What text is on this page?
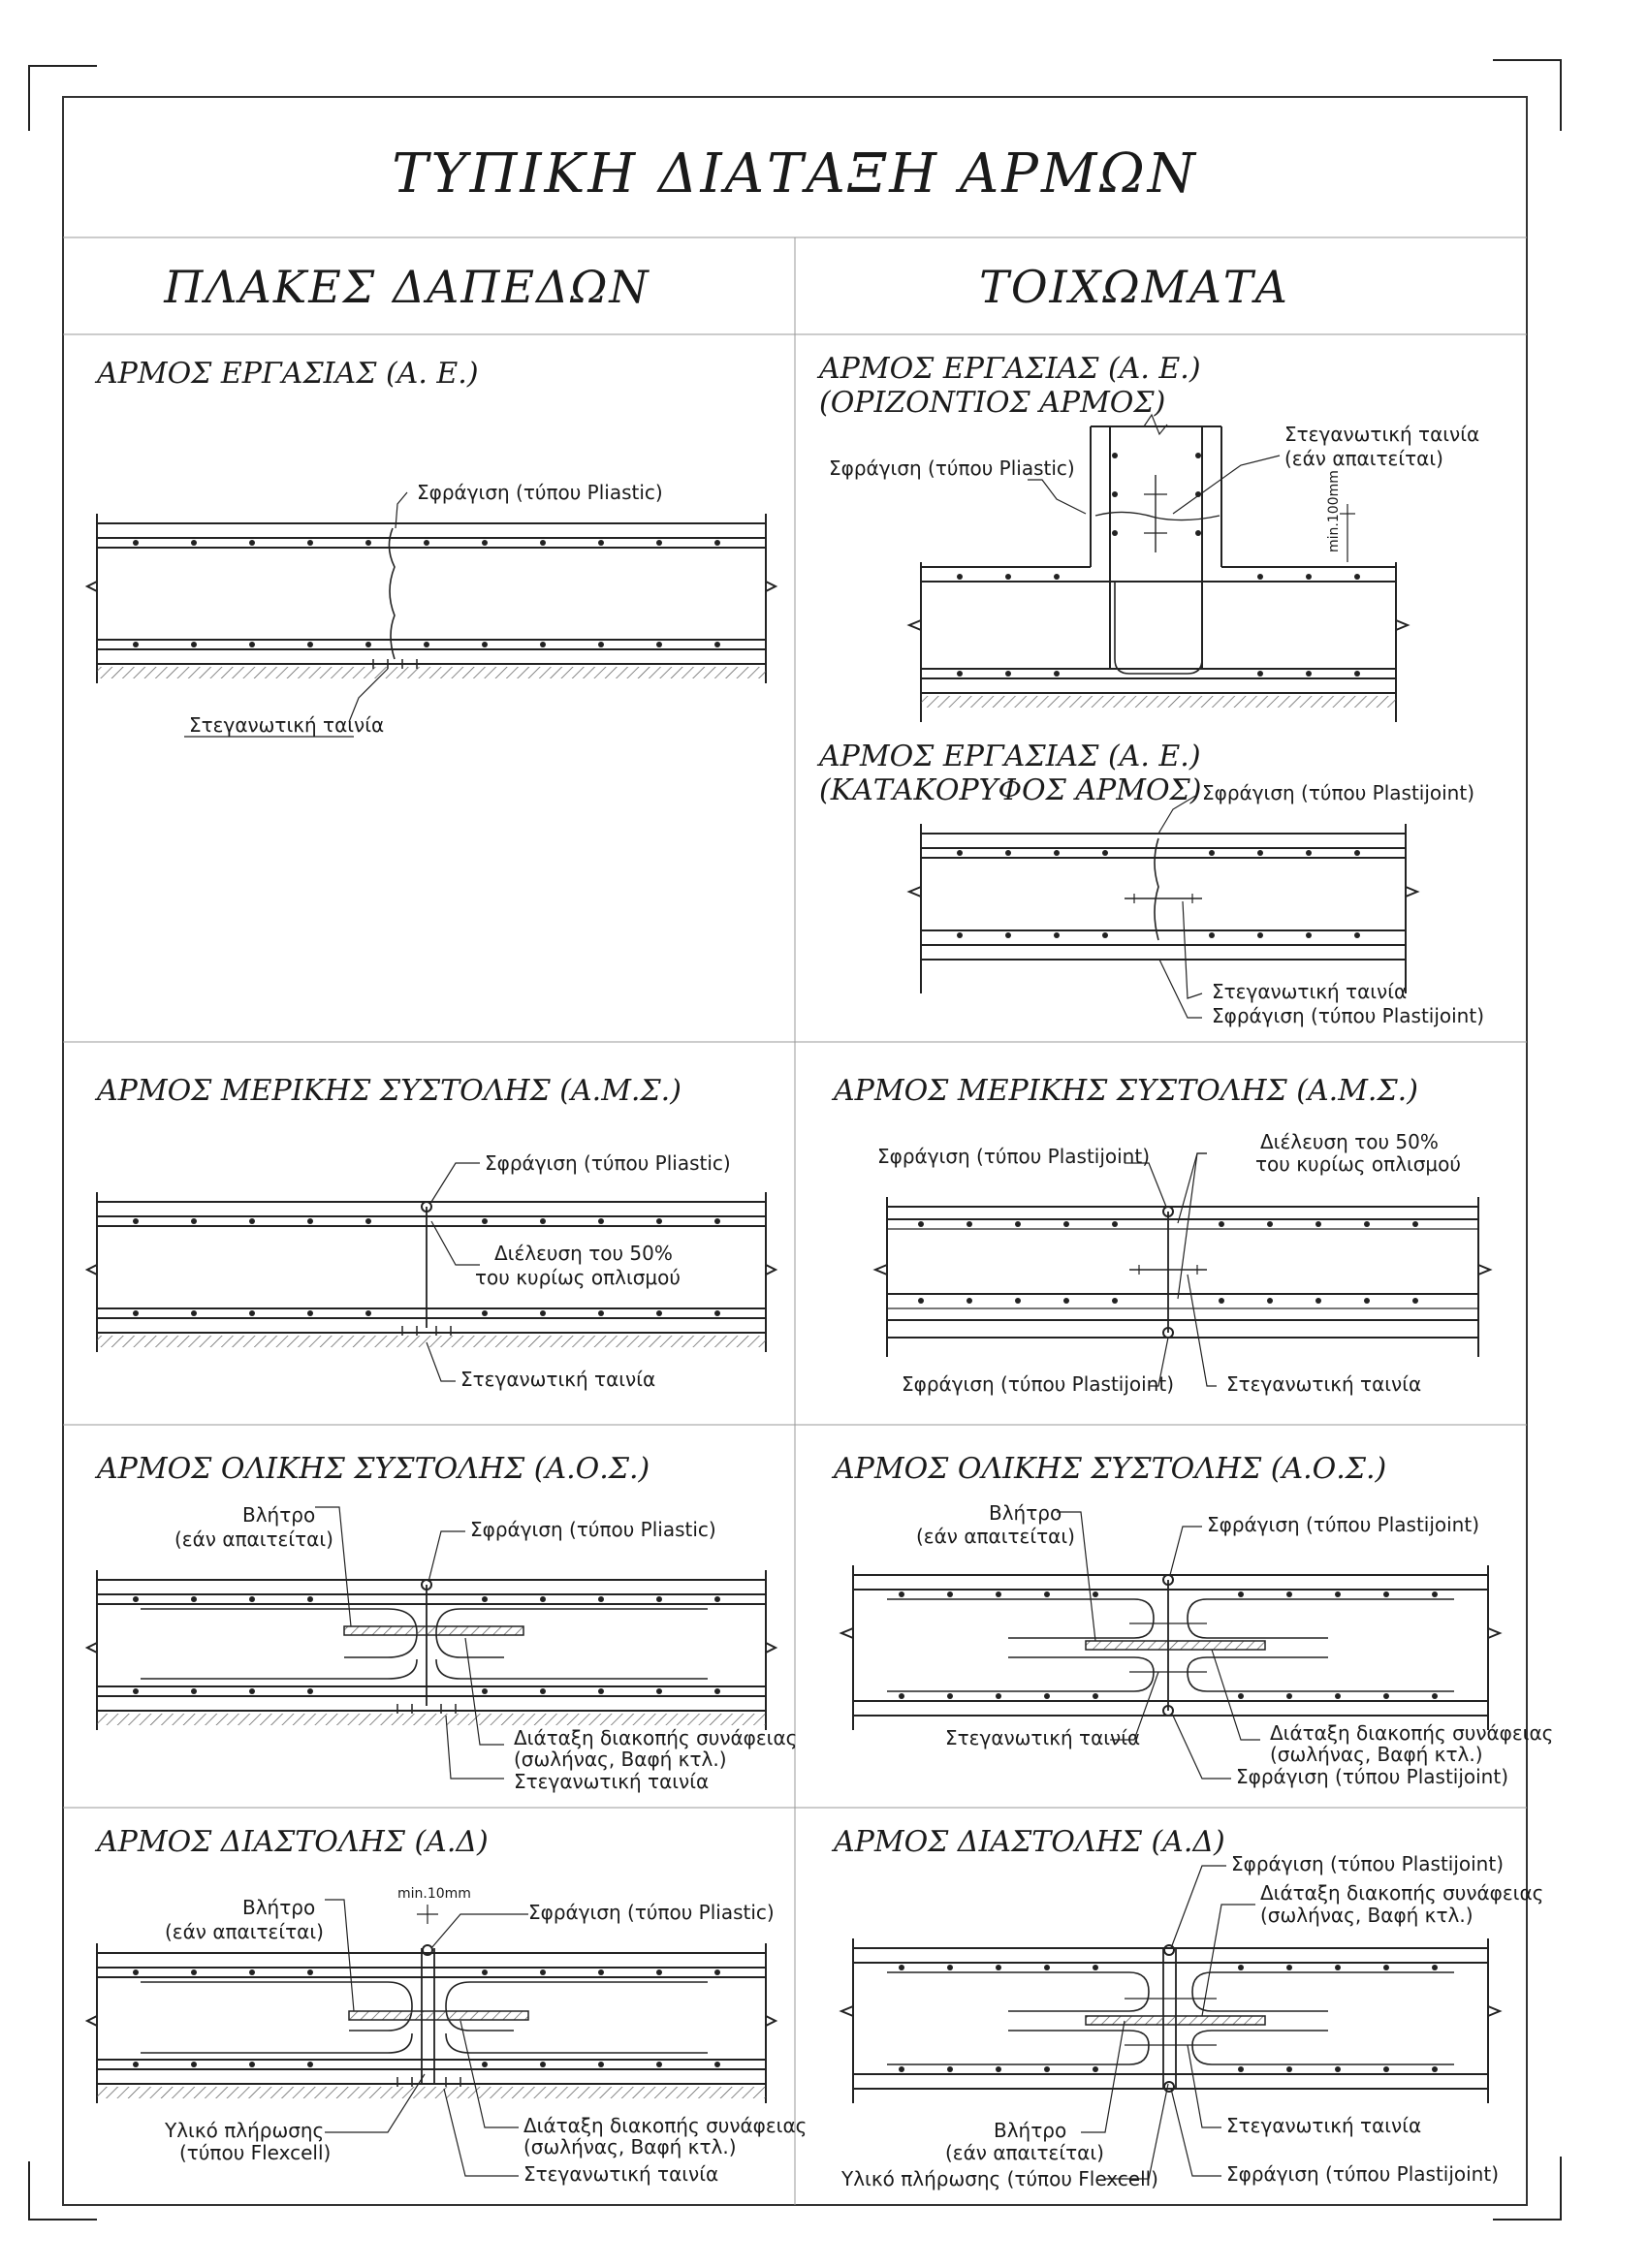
ΤΥΠΙΚΗ ΔΙΑΤΑΞΗ ΑΡΜΩΝ
ΠΛΑΚΕΣ ΔΑΠΕΔΩΝ	ΤΟΙΧΩΜΑΤΑ
ΑΡΜΟΣ ΕΡΓΑΣΙΑΣ (Α. Ε.)	ΑΡΜΟΣ ΕΡΓΑΣΙΑΣ (Α. Ε.)
(ΟΡΙΖΟΝΤΙΟΣ ΑΡΜΟΣ)
ΑΡΜΟΣ ΕΡΓΑΣΙΑΣ (Α. Ε.)
(ΚΑΤΑΚΟΡΥΦΟΣ ΑΡΜΟΣ)
ΑΡΜΟΣ ΜΕΡΙΚΗΣ ΣΥΣΤΟΛΗΣ (Α.Μ.Σ.)	ΑΡΜΟΣ ΜΕΡΙΚΗΣ ΣΥΣΤΟΛΗΣ (Α.Μ.Σ.)
ΑΡΜΟΣ ΟΛΙΚΗΣ ΣΥΣΤΟΛΗΣ (Α.Ο.Σ.)	ΑΡΜΟΣ ΟΛΙΚΗΣ ΣΥΣΤΟΛΗΣ (Α.Ο.Σ.)
ΑΡΜΟΣ ΔΙΑΣΤΟΛΗΣ (Α.Δ)	ΑΡΜΟΣ ΔΙΑΣΤΟΛΗΣ (Α.Δ)
Σφράγιση (τύπου Pliastic)
Στεγανωτική ταινία
Σφράγιση (τύπου Pliastic)
Στεγανωτική ταινία
(εάν απαιτείται)
min.100mm
Σφράγιση (τύπου Plastijoint)
Στεγανωτική ταινία
Σφράγιση (τύπου Plastijoint)
Σφράγιση (τύπου Pliastic)
Διέλευση του 50%
του κυρίως οπλισμού
Στεγανωτική ταινία
Σφράγιση (τύπου Plastijoint)
Διέλευση του 50%
του κυρίως οπλισμού
Σφράγιση (τύπου Plastijoint)	Στεγανωτική ταινία
Βλήτρο
(εάν απαιτείται)	Σφράγιση (τύπου Pliastic)
Διάταξη διακοπής συνάφειας
(σωλήνας, Βαφή κτλ.)
Στεγανωτική ταινία
Βλήτρο
(εάν απαιτείται)	Σφράγιση (τύπου Plastijoint)
Στεγανωτική ταινία	Διάταξη διακοπής συνάφειας
(σωλήνας, Βαφή κτλ.)
Σφράγιση (τύπου Plastijoint)
Βλήτρο
(εάν απαιτείται)
min.10mm
Σφράγιση (τύπου Pliastic)
Υλικό πλήρωσης
(τύπου Flexcell)
Διάταξη διακοπής συνάφειας
(σωλήνας, Βαφή κτλ.)
Στεγανωτική ταινία
Σφράγιση (τύπου Plastijoint)
Διάταξη διακοπής συνάφειας
(σωλήνας, Βαφή κτλ.)
Βλήτρο
(εάν απαιτείται)
Υλικό πλήρωσης (τύπου Flexcell)
Στεγανωτική ταινία
Σφράγιση (τύπου Plastijoint)
